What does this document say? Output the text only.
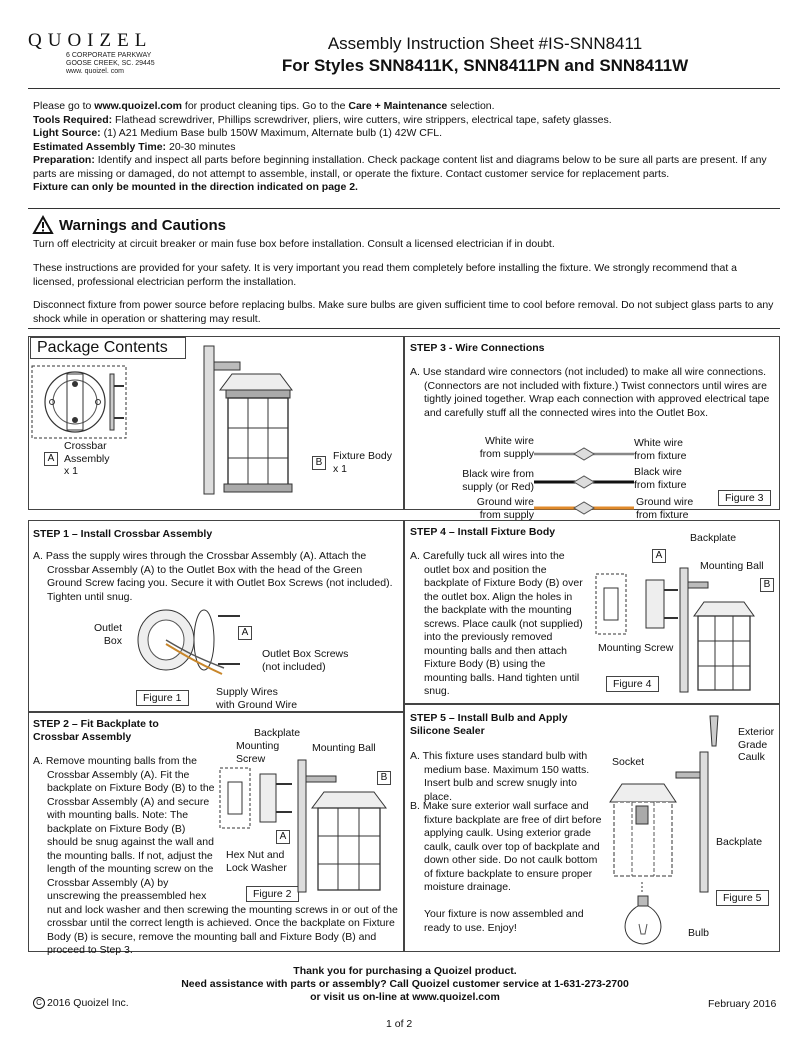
QUOIZEL
6 CORPORATE PARKWAY
GOOSE CREEK, SC. 29445
www. quoizel. com
Assembly Instruction Sheet #IS-SNN8411
For Styles SNN8411K, SNN8411PN and SNN8411W

Please go to www.quoizel.com for product cleaning tips. Go to the Care + Maintenance selection.

Tools Required: Flathead screwdriver, Phillips screwdriver, pliers, wire cutters, wire strippers, electrical tape, safety glasses.

Light Source: (1) A21 Medium Base bulb 150W Maximum, Alternate bulb (1) 42W CFL.

Estimated Assembly Time: 20-30 minutes

Preparation: Identify and inspect all parts before beginning installation. Check package content list and diagrams below to be sure all parts are present. If any parts are missing or damaged, do not attempt to assemble, install, or operate the fixture. Contact customer service for replacement parts.

Fixture can only be mounted in the direction indicated on page 2.

Warnings and Cautions
Turn off electricity at circuit breaker or main fuse box before installation. Consult a licensed electrician if in doubt.
These instructions are provided for your safety. It is very important you read them completely before installing the fixture. We strongly recommend that a licensed, professional electrician perform the installation.
Disconnect fixture from power source before replacing bulbs. Make sure bulbs are given sufficient time to cool before removal. Do not subject glass parts to any shock while in operation or shattering may result.
Package Contents
A
Crossbar
Assembly
x 1
B
Fixture Body
x 1
STEP 3 - Wire Connections
A. Use standard wire connectors (not included) to make all wire connections. (Connectors are not included with fixture.) Twist connectors until wires are tightly joined together. Wrap each connection with approved electrical tape and carefully stuff all the connected wires into the Outlet Box.
White wire
from supply
White wire
from fixture
Black wire from
supply (or Red)
Black wire
from fixture
Ground wire
from supply
Ground wire
from fixture
Figure 3
STEP 1 – Install Crossbar Assembly
A. Pass the supply wires through the Crossbar Assembly (A). Attach the Crossbar Assembly (A) to the Outlet Box with the head of the Green Ground Screw facing you. Secure it with Outlet Box Screws (not included). Tighten until snug.
Outlet
Box
A
Outlet Box Screws
(not included)
Supply Wires
with Ground Wire
Figure 1
STEP 4 – Install Fixture Body
A. Carefully tuck all wires into the outlet box and position the backplate of Fixture Body (B) over the outlet box. Align the holes in the backplate with the mounting screws. Place caulk (not supplied) into the previously removed mounting balls and then attach Fixture Body (B) using the mounting balls. Hand tighten until snug.
Backplate
A
Mounting Ball
B
Mounting Screw
Figure 4
STEP 2 – Fit Backplate to
Crossbar Assembly
A. Remove mounting balls from the Crossbar Assembly (A). Fit the backplate on Fixture Body (B) to the Crossbar Assembly (A) and secure with mounting balls. Note: The backplate on Fixture Body (B) should be snug against the wall and the mounting balls. If not, adjust the length of the mounting screw on the Crossbar Assembly (A) by unscrewing the preassembled hex nut and lock washer and then screwing the mounting screws in or out of the crossbar until the correct length is achieved. Once the backplate on Fixture Body (B) is secure, remove the mounting ball and Fixture Body (B) and proceed to Step 3.
Backplate
Mounting
Screw
Mounting Ball
B
A
Hex Nut and
Lock Washer
Figure 2
STEP 5 – Install Bulb and Apply
Silicone Sealer
A. This fixture uses standard bulb with medium base. Maximum 150 watts. Insert bulb and screw snugly into place.
B. Make sure exterior wall surface and fixture backplate are free of dirt before applying caulk. Using exterior grade caulk, caulk over top of backplate and down other side. Do not caulk bottom of fixture backplate to ensure proper moisture drainage.
Your fixture is now assembled and ready to use. Enjoy!
Socket
Exterior
Grade
Caulk
Backplate
Figure 5
Bulb
Thank you for purchasing a Quoizel product.
Need assistance with parts or assembly? Call Quoizel customer service at 1-631-273-2700
or visit us on-line at www.quoizel.com
C 2016 Quoizel Inc.	February 2016
1 of 2
